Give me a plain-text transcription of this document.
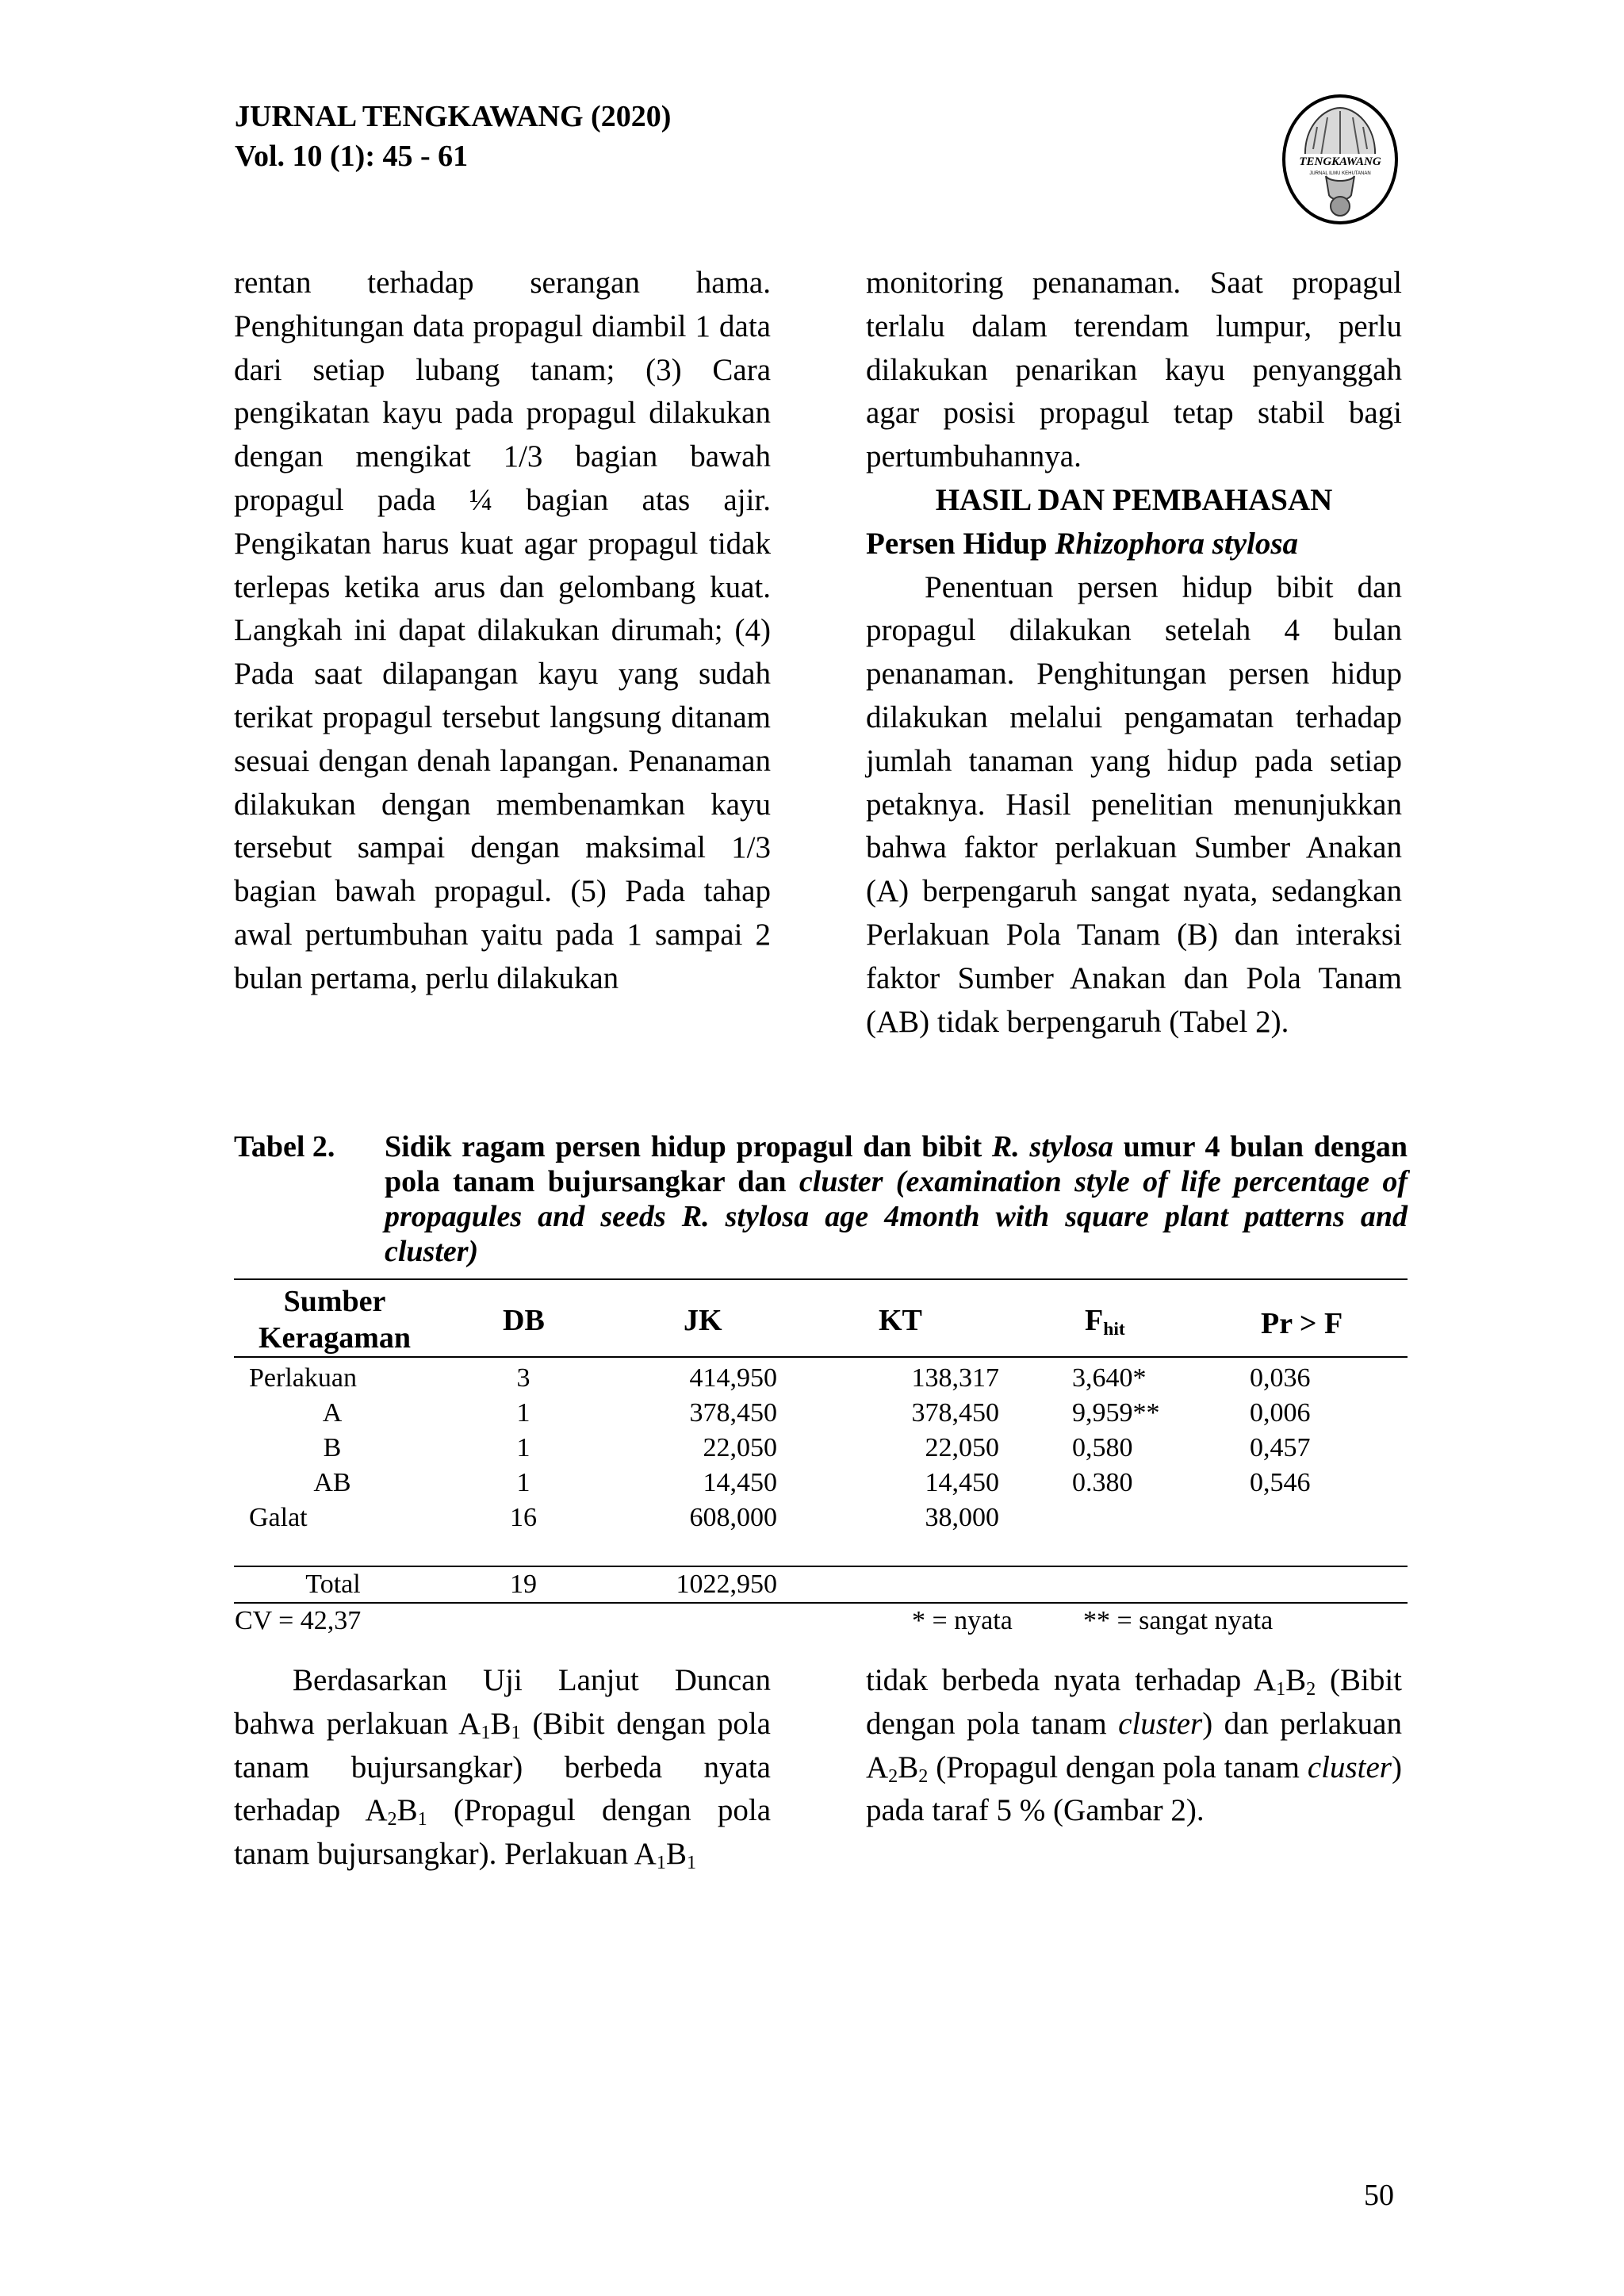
JURNAL TENGKAWANG (2020)
Vol. 10 (1): 45 - 61	TENGKAWANG
JURNAL ILMU KEHUTANAN

rentan terhadap serangan hama. Penghitungan data propagul diambil 1 data dari setiap lubang tanam; (3) Cara pengikatan kayu pada propagul dilakukan dengan mengikat 1/3 bagian bawah propagul pada ¼ bagian atas ajir. Pengikatan harus kuat agar propagul tidak terlepas ketika arus dan gelombang kuat. Langkah ini dapat dilakukan dirumah; (4) Pada saat dilapangan kayu yang sudah terikat propagul tersebut langsung ditanam sesuai dengan denah lapangan. Penanaman dilakukan dengan membenamkan kayu tersebut sampai dengan maksimal 1/3 bagian bawah propagul. (5) Pada tahap awal pertumbuhan yaitu pada 1 sampai 2 bulan pertama, perlu dilakukan

monitoring penanaman. Saat propagul terlalu dalam terendam lumpur, perlu dilakukan penarikan kayu penyanggah agar posisi propagul tetap stabil bagi pertumbuhannya.

HASIL DAN PEMBAHASAN

Persen Hidup Rhizophora stylosa

Penentuan persen hidup bibit dan propagul dilakukan setelah 4 bulan penanaman. Penghitungan persen hidup dilakukan melalui pengamatan terhadap jumlah tanaman yang hidup pada setiap petaknya. Hasil penelitian menunjukkan bahwa faktor perlakuan Sumber Anakan (A) berpengaruh sangat nyata, sedangkan Perlakuan Pola Tanam (B) dan interaksi faktor Sumber Anakan dan Pola Tanam (AB) tidak berpengaruh (Tabel 2).

Tabel 2. Sidik ragam persen hidup propagul dan bibit R. stylosa umur 4 bulan dengan pola tanam bujursangkar dan cluster (examination style of life percentage of propagules and seeds R. stylosa age 4month with square plant patterns and cluster)
Sumber
Keragaman
DB	JK	KT	$F_{hit}$	Pr > F
Perlakuan	3	414,950	138,317	3,640*	0,036
A	1	378,450	378,450	9,959**	0,006
B	1	22,050	22,050	0,580	0,457
AB	1	14,450	14,450	0.380	0,546
Galat	16	608,000	38,000
Total	19	1022,950
CV = 42,37	* = nyata	** = sangat nyata

Berdasarkan Uji Lanjut Duncan bahwa perlakuan $A_1B_1$ (Bibit dengan pola tanam bujursangkar) berbeda nyata terhadap $A_2B_1$ (Propagul dengan pola tanam bujursangkar). Perlakuan $A_1B_1$

tidak berbeda nyata terhadap $A_1B_2$ (Bibit dengan pola tanam cluster) dan perlakuan $A_2B_2$ (Propagul dengan pola tanam cluster) pada taraf 5 % (Gambar 2).

50
